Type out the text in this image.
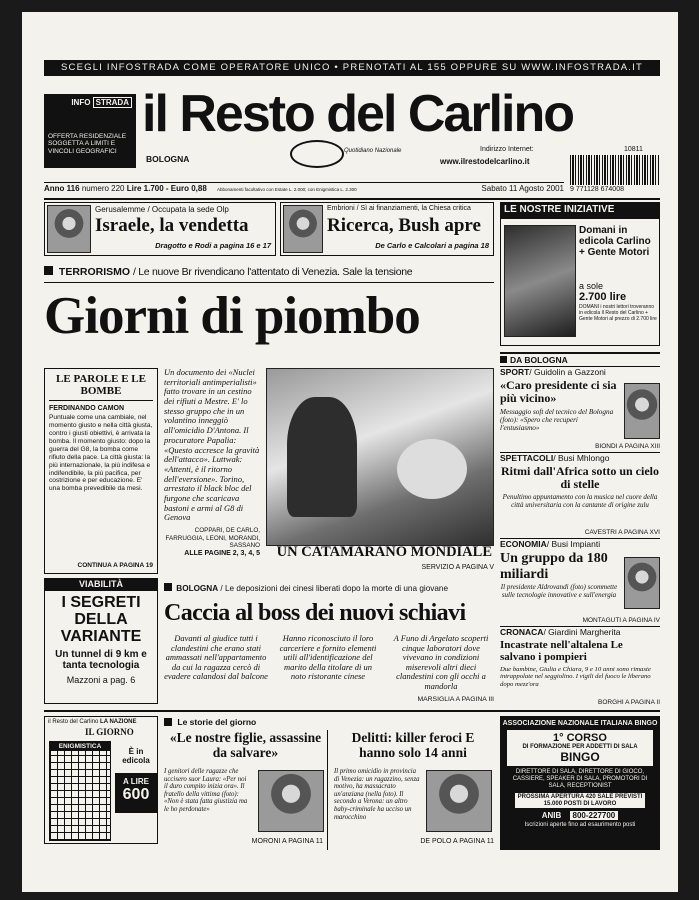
SCEGLI INFOSTRADA COME OPERATORE UNICO • PRENOTATI AL 155 OPPURE SU WWW.INFOSTRADA.IT
INFO STRADA
OFFERTA RESIDENZIALE SOGGETTA A LIMITI E VINCOLI GEOGRAFICI
il Resto del Carlino
BOLOGNA
Quotidiano Nazionale	Indirizzo Internet:
www.ilrestodelcarlino.it
10811
9 771128 674008
Anno 116 numero 220 Lire 1.700 - Euro 0,88 Abbonamenti facoltativo con Estate L. 2.000; con Enigmistica L. 2.300	Sabato 11 Agosto 2001
Gerusalemme / Occupata la sede Olp
Israele, la vendetta
Dragotto e Rodi a pagina 16 e 17
Embrioni / Sì ai finanziamenti, la Chiesa critica
Ricerca, Bush apre
De Carlo e Calcolari a pagina 18
LE NOSTRE INIZIATIVE
Domani in edicola Carlino + Gente Motori
a sole
2.700 lire
DOMANI i nostri lettori troveranno in edicola Il Resto del Carlino + Gente Motori al prezzo di 2.700 lire
TERRORISMO / Le nuove Br rivendicano l'attentato di Venezia. Sale la tensione
Giorni di piombo
LE PAROLE E LE BOMBE
FERDINANDO CAMON
Puntuale come una cambiale, nel momento giusto e nella città giusta, contro i giusti obiettivi, è arrivata la bomba. Il momento giusto: dopo la guerra del G8, la bomba come rifiuto della pace. La città giusta: la più internazionale, la più indifesa e indifendibile, la più pacifica, per costrizione e per educazione. E' una bomba prevedibile da mesi.
CONTINUA A PAGINA 19
Un documento dei «Nuclei territoriali antimperialisti» fatto trovare in un cestino dei rifiuti a Mestre. E' lo stesso gruppo che in un volantino inneggiò all'omicidio D'Antona. Il procuratore Papalia: «Questo accresce la gravità dell'attacco». Luttwak: «Attenti, è il ritorno dell'eversione». Torino, arrestato il black bloc del furgone che scaricava bastoni e armi al G8 di Genova
COPPARI, DE CARLO, FARRUGGIA, LEONI, MORANDI, SASSANO
ALLE PAGINE 2, 3, 4, 5	UN CATAMARANO MONDIALE
SERVIZIO A PAGINA V
VIABILITÀ
I SEGRETI DELLA VARIANTE
Un tunnel di 9 km e tanta tecnologia
Mazzoni a pag. 6
BOLOGNA / Le deposizioni dei cinesi liberati dopo la morte di una giovane
Caccia al boss dei nuovi schiavi
Davanti al giudice tutti i clandestini che erano stati ammassati nell'appartamento da cui la ragazza cercò di evadere calandosi dal balcone
Hanno riconosciuto il loro carceriere e fornito elementi utili all'identificazione del marito della titolare di un noto ristorante cinese
A Funo di Argelato scoperti cinque laboratori dove vivevano in condizioni miserevoli altri dieci clandestini con gli occhi a mandorla
MARSIGLIA A PAGINA III
DA BOLOGNA
SPORT/ Guidolin a Gazzoni
«Caro presidente ci sia più vicino»
Messaggio soft del tecnico del Bologna (foto): «Spero che recuperi l'entusiasmo»
BIONDI A PAGINA XIII
SPETTACOLI/ Busi Mhlongo
Ritmi dall'Africa sotto un cielo di stelle
Penultimo appuntamento con la musica nel cuore della città universitaria con la cantante di origine zulu
CAVESTRI A PAGINA XVI
ECONOMIA/ Busi Impianti
Un gruppo da 180 miliardi
Il presidente Aldrovandi (foto) scommette sulle tecnologie innovative e sull'energia
MONTAGUTI A PAGINA IV
CRONACA/ Giardini Margherita
Incastrate nell'altalena Le salvano i pompieri
Due bambine, Giulia e Chiara, 9 e 10 anni sono rimaste intrappolate nel seggiolino. I vigili del fuoco le liberano dopo mezz'ora
BORGHI A PAGINA II
il Resto del Carlino LA NAZIONE
IL GIORNO
ENIGMISTICA
È in edicola
A LIRE
600
Le storie del giorno
«Le nostre figlie, assassine da salvare»
I genitori delle ragazze che uccisero suor Laura: «Per noi il duro compito inizia ora». Il fratello della vittima (foto): «Non è stata fatta giustizia ma le ho perdonate»
MORONI A PAGINA 11
Delitti: killer feroci E hanno solo 14 anni
Il primo omicidio in provincia di Venezia: un ragazzino, senza motivo, ha massacrato un'anziana (nella foto). Il secondo a Verona: un altro baby-criminale ha ucciso un marocchino
DE POLO A PAGINA 11
ASSOCIAZIONE NAZIONALE ITALIANA BINGO
1° CORSO
DI FORMAZIONE PER ADDETTI DI SALA
BINGO
DIRETTORE DI SALA, DIRETTORE DI GIOCO, CASSIERE, SPEAKER DI SALA, PROMOTORI DI SALA, RECEPTIONIST
PROSSIMA APERTURA 420 SALE PREVISTI 15.000 POSTI DI LAVORO
ANIB 800-227700
Iscrizioni aperte fino ad esaurimento posti
